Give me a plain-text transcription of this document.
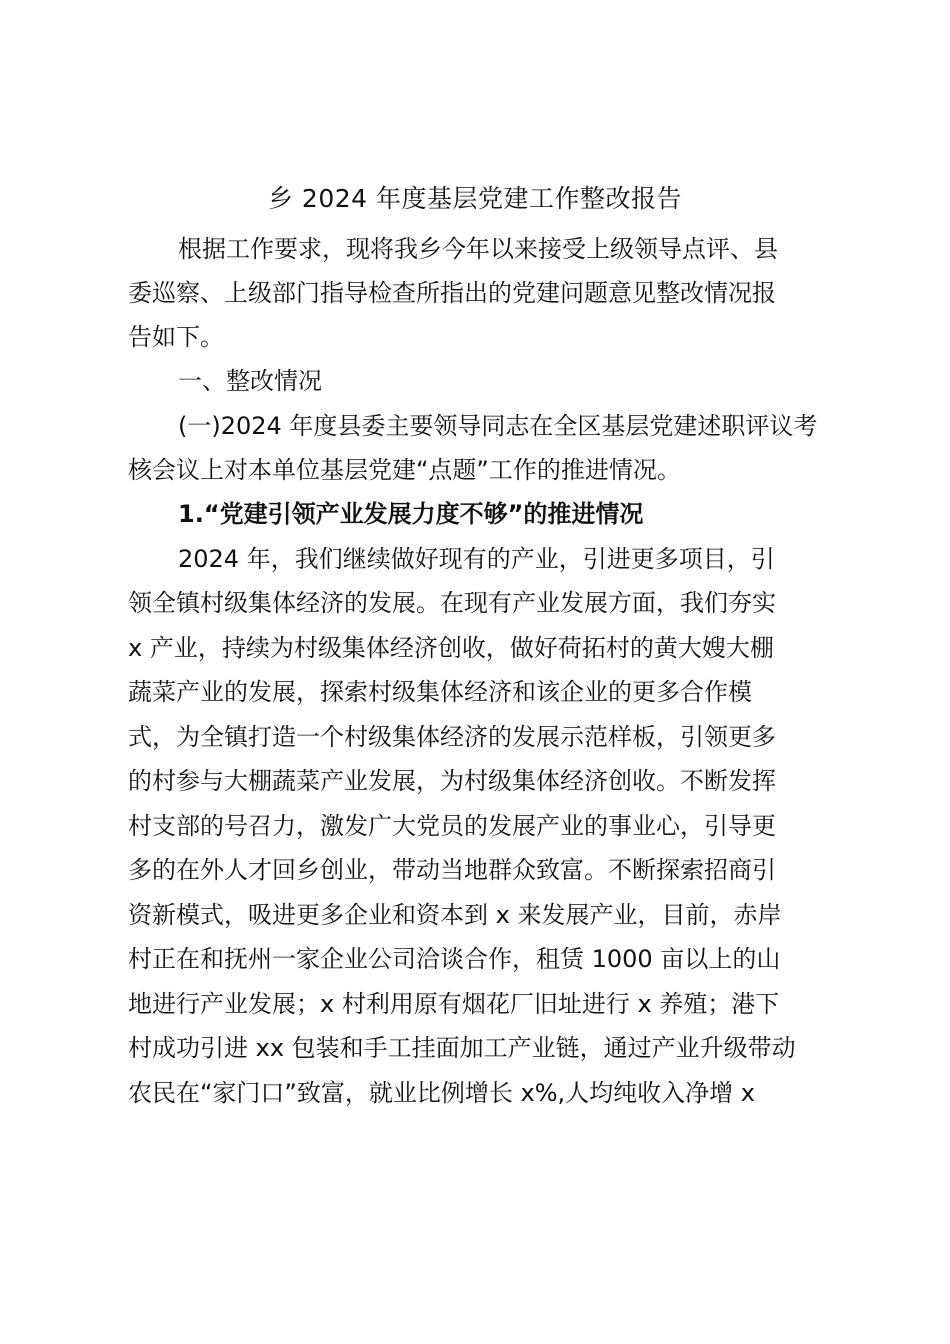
乡 2024 年度基层党建工作整改报告
根据工作要求，现将我乡今年以来接受上级领导点评、县
委巡察、上级部门指导检查所指出的党建问题意见整改情况报
告如下。
一、整改情况
(一)2024 年度县委主要领导同志在全区基层党建述职评议考
核会议上对本单位基层党建“点题”工作的推进情况。
1.“党建引领产业发展力度不够”的推进情况
2024 年，我们继续做好现有的产业，引进更多项目，引
领全镇村级集体经济的发展。在现有产业发展方面，我们夯实
x 产业，持续为村级集体经济创收，做好荷拓村的黄大嫂大棚
蔬菜产业的发展，探索村级集体经济和该企业的更多合作模
式，为全镇打造一个村级集体经济的发展示范样板，引领更多
的村参与大棚蔬菜产业发展，为村级集体经济创收。不断发挥
村支部的号召力，激发广大党员的发展产业的事业心，引导更
多的在外人才回乡创业，带动当地群众致富。不断探索招商引
资新模式，吸进更多企业和资本到 x 来发展产业，目前，赤岸
村正在和抚州一家企业公司洽谈合作，租赁 1000 亩以上的山
地进行产业发展；x 村利用原有烟花厂旧址进行 x 养殖；港下
村成功引进 xx 包装和手工挂面加工产业链，通过产业升级带动
农民在“家门口”致富，就业比例增长 x%,人均纯收入净增 x
